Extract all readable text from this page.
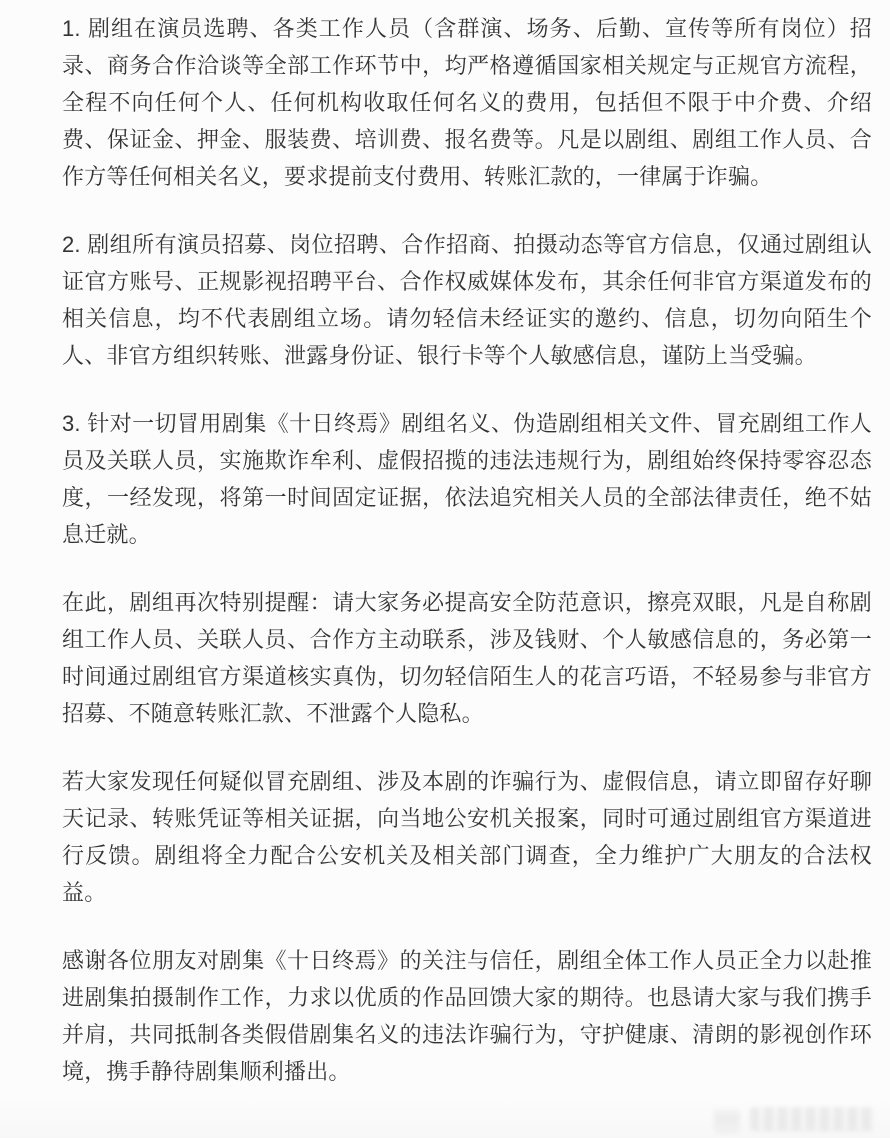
1. 剧组在演员选聘、各类工作人员（含群演、场务、后勤、宣传等所有岗位）招录、商务合作洽谈等全部工作环节中，均严格遵循国家相关规定与正规官方流程，全程不向任何个人、任何机构收取任何名义的费用，包括但不限于中介费、介绍费、保证金、押金、服装费、培训费、报名费等。凡是以剧组、剧组工作人员、合作方等任何相关名义，要求提前支付费用、转账汇款的，一律属于诈骗。

2. 剧组所有演员招募、岗位招聘、合作招商、拍摄动态等官方信息，仅通过剧组认证官方账号、正规影视招聘平台、合作权威媒体发布，其余任何非官方渠道发布的相关信息，均不代表剧组立场。请勿轻信未经证实的邀约、信息，切勿向陌生个人、非官方组织转账、泄露身份证、银行卡等个人敏感信息，谨防上当受骗。

3. 针对一切冒用剧集《十日终焉》剧组名义、伪造剧组相关文件、冒充剧组工作人员及关联人员，实施欺诈牟利、虚假招揽的违法违规行为，剧组始终保持零容忍态度，一经发现，将第一时间固定证据，依法追究相关人员的全部法律责任，绝不姑息迁就。

在此，剧组再次特别提醒：请大家务必提高安全防范意识，擦亮双眼，凡是自称剧组工作人员、关联人员、合作方主动联系，涉及钱财、个人敏感信息的，务必第一时间通过剧组官方渠道核实真伪，切勿轻信陌生人的花言巧语，不轻易参与非官方招募、不随意转账汇款、不泄露个人隐私。

若大家发现任何疑似冒充剧组、涉及本剧的诈骗行为、虚假信息，请立即留存好聊天记录、转账凭证等相关证据，向当地公安机关报案，同时可通过剧组官方渠道进行反馈。剧组将全力配合公安机关及相关部门调查，全力维护广大朋友的合法权益。

感谢各位朋友对剧集《十日终焉》的关注与信任，剧组全体工作人员正全力以赴推进剧集拍摄制作工作，力求以优质的作品回馈大家的期待。也恳请大家与我们携手并肩，共同抵制各类假借剧集名义的违法诈骗行为，守护健康、清朗的影视创作环境，携手静待剧集顺利播出。
